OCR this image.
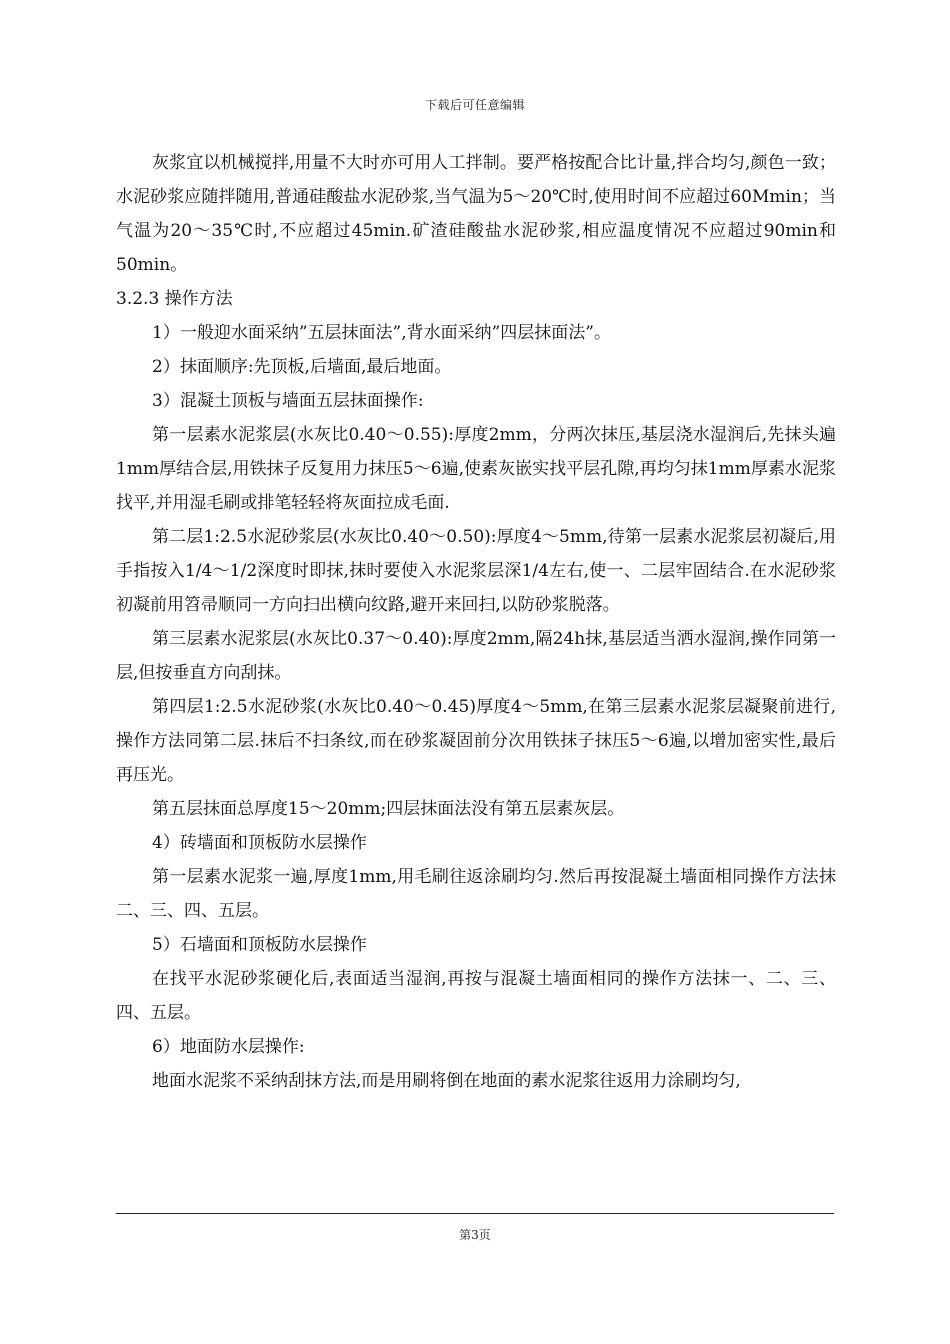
下载后可任意编辑

灰浆宜以机械搅拌,用量不大时亦可用人工拌制。要严格按配合比计量,拌合均匀,颜色一致；水泥砂浆应随拌随用,普通硅酸盐水泥砂浆,当气温为5～20℃时,使用时间不应超过60Mmin；当气温为20～35℃时,不应超过45min.矿渣硅酸盐水泥砂浆,相应温度情况不应超过90min和50min。

3.2.3 操作方法

1）一般迎水面采纳”五层抹面法”,背水面采纳”四层抹面法”。

2）抹面顺序:先顶板,后墙面,最后地面。

3）混凝土顶板与墙面五层抹面操作:

第一层素水泥浆层(水灰比0.40～0.55):厚度2mm，分两次抹压,基层浇水湿润后,先抹头遍1mm厚结合层,用铁抹子反复用力抹压5～6遍,使素灰嵌实找平层孔隙,再均匀抹1mm厚素水泥浆找平,并用湿毛刷或排笔轻轻将灰面拉成毛面.

第二层1:2.5水泥砂浆层(水灰比0.40～0.50):厚度4～5mm,待第一层素水泥浆层初凝后,用手指按入1/4～1/2深度时即抹,抹时要使入水泥浆层深1/4左右,使一、二层牢固结合.在水泥砂浆初凝前用笤帚顺同一方向扫出横向纹路,避开来回扫,以防砂浆脱落。

第三层素水泥浆层(水灰比0.37～0.40):厚度2mm,隔24h抹,基层适当洒水湿润,操作同第一层,但按垂直方向刮抹。

第四层1:2.5水泥砂浆(水灰比0.40～0.45)厚度4～5mm,在第三层素水泥浆层凝聚前进行,操作方法同第二层.抹后不扫条纹,而在砂浆凝固前分次用铁抹子抹压5～6遍,以增加密实性,最后再压光。

第五层抹面总厚度15～20mm;四层抹面法没有第五层素灰层。

4）砖墙面和顶板防水层操作

第一层素水泥浆一遍,厚度1mm,用毛刷往返涂刷均匀.然后再按混凝土墙面相同操作方法抹二、三、四、五层。

5）石墙面和顶板防水层操作

在找平水泥砂浆硬化后,表面适当湿润,再按与混凝土墙面相同的操作方法抹一、二、三、四、五层。

6）地面防水层操作:

地面水泥浆不采纳刮抹方法,而是用刷将倒在地面的素水泥浆往返用力涂刷均匀,

第3页
